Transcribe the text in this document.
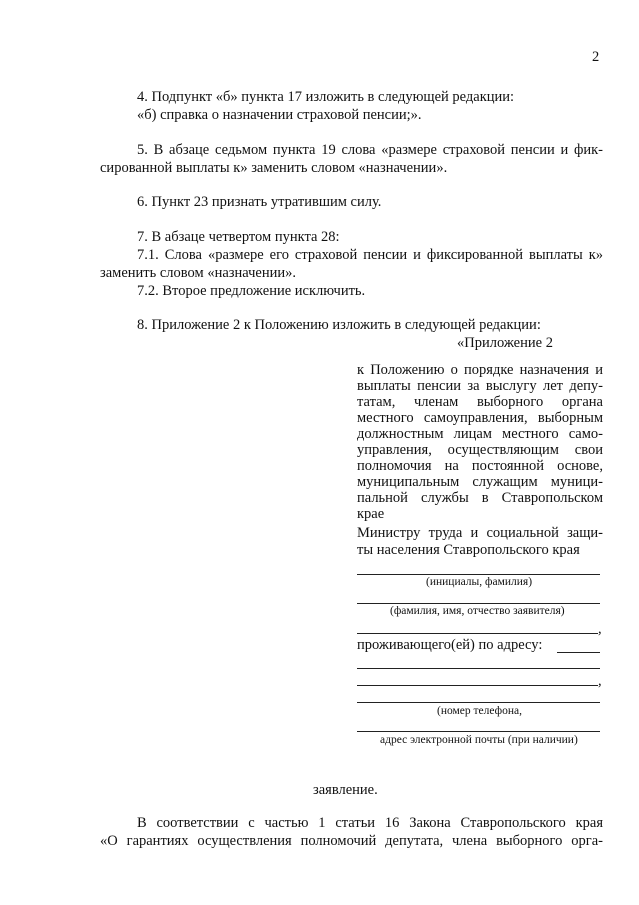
2
4. Подпункт «б» пункта 17 изложить в следующей редакции:
«б) справка о назначении страховой пенсии;».
5. В абзаце седьмом пункта 19 слова «размере страховой пенсии и фик-
сированной выплаты к» заменить словом «назначении».
6. Пункт 23 признать утратившим силу.
7. В абзаце четвертом пункта 28:
7.1. Слова «размере его страховой пенсии и фиксированной выплаты к»
заменить словом «назначении».
7.2. Второе предложение исключить.
8. Приложение 2 к Положению изложить в следующей редакции:
«Приложение 2
к Положению о порядке назначения и
выплаты пенсии за выслугу лет депу-
татам, членам выборного органа
местного самоуправления, выборным
должностным лицам местного само-
управления, осуществляющим свои
полномочия на постоянной основе,
муниципальным служащим муници-
пальной службы в Ставропольском
крае
Министру труда и социальной защи-
ты населения Ставропольского края
(инициалы, фамилия)
(фамилия, имя, отчество заявителя)
,
проживающего(ей) по адресу:
,
(номер телефона,
адрес электронной почты (при наличии)
заявление.
В соответствии с частью 1 статьи 16 Закона Ставропольского края
«О гарантиях осуществления полномочий депутата, члена выборного орга-
